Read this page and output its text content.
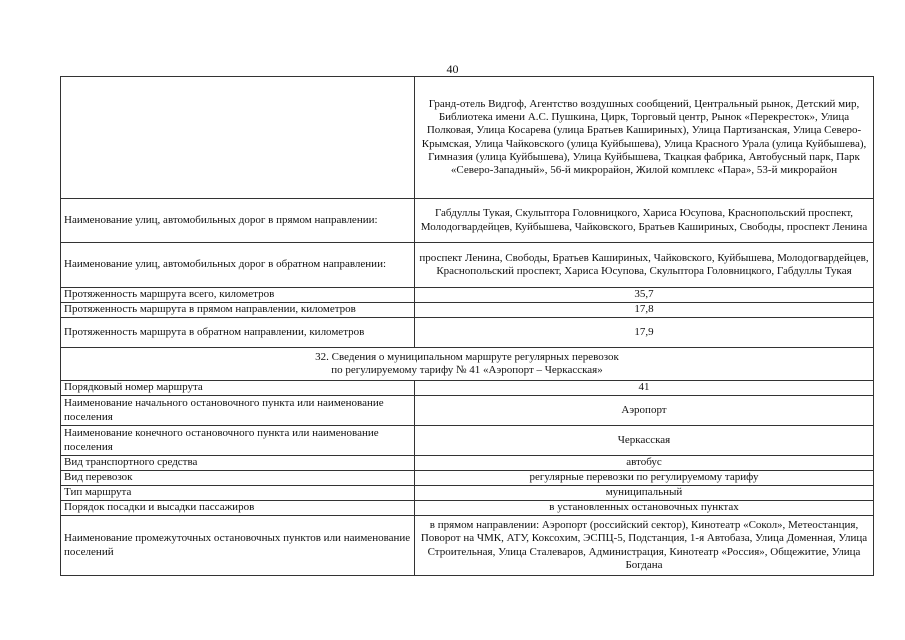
40
	Гранд-отель Видгоф, Агентство воздушных сообщений, Центральный рынок, Детский мир, Библиотека имени А.С. Пушкина, Цирк, Торговый центр, Рынок «Перекресток», Улица Полковая, Улица Косарева (улица Братьев Кашириных), Улица Партизанская, Улица Северо-Крымская, Улица Чайковского (улица Куйбышева), Улица Красного Урала (улица Куйбышева), Гимназия (улица Куйбышева), Улица Куйбышева, Ткацкая фабрика, Автобусный парк, Парк «Северо-Западный», 56-й микрорайон, Жилой комплекс «Пара», 53-й микрорайон
Наименование улиц, автомобильных дорог в прямом направлении:	Габдуллы Тукая, Скульптора Головницкого, Хариса Юсупова, Краснопольский проспект, Молодогвардейцев, Куйбышева, Чайковского, Братьев Кашириных, Свободы, проспект Ленина
Наименование улиц, автомобильных дорог в обратном направлении:	проспект Ленина, Свободы, Братьев Кашириных, Чайковского, Куйбышева, Молодогвардейцев, Краснопольский проспект, Хариса Юсупова, Скульптора Головницкого, Габдуллы Тукая
Протяженность маршрута всего, километров	35,7
Протяженность маршрута в прямом направлении, километров	17,8
Протяженность маршрута в обратном направлении, километров	17,9

32. Сведения о муниципальном маршруте регулярных перевозок
по регулируемому тарифу № 41 «Аэропорт – Черкасская»	

Порядковый номер маршрута	41
Наименование начального остановочного пункта или наименование поселения	Аэропорт
Наименование конечного остановочного пункта или наименование поселения	Черкасская
Вид транспортного средства	автобус
Вид перевозок	регулярные перевозки по регулируемому тарифу
Тип маршрута	муниципальный
Порядок посадки и высадки пассажиров	в установленных остановочных пунктах
Наименование промежуточных остановочных пунктов или наименование поселений	в прямом направлении: Аэропорт (российский сектор), Кинотеатр «Сокол», Метеостанция, Поворот на ЧМК, АТУ, Коксохим, ЭСПЦ-5, Подстанция, 1-я Автобаза, Улица Доменная, Улица Строительная, Улица Сталеваров, Администрация, Кинотеатр «Россия», Общежитие, Улица Богдана
